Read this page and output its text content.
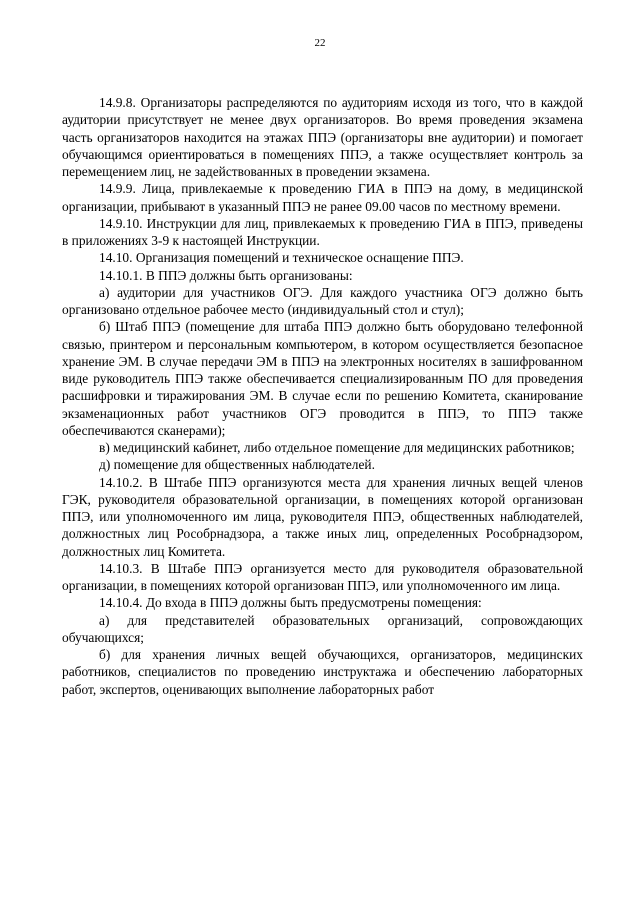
22

14.9.8. Организаторы распределяются по аудиториям исходя из того, что в каждой аудитории присутствует не менее двух организаторов. Во время проведения экзамена часть организаторов находится на этажах ППЭ (организаторы вне аудитории) и помогает обучающимся ориентироваться в помещениях ППЭ, а также осуществляет контроль за перемещением лиц, не задействованных в проведении экзамена.

14.9.9. Лица, привлекаемые к проведению ГИА в ППЭ на дому, в медицинской организации, прибывают в указанный ППЭ не ранее 09.00 часов по местному времени.

14.9.10. Инструкции для лиц, привлекаемых к проведению ГИА в ППЭ, приведены в приложениях 3-9 к настоящей Инструкции.

14.10. Организация помещений и техническое оснащение ППЭ.

14.10.1. В ППЭ должны быть организованы:

а) аудитории для участников ОГЭ. Для каждого участника ОГЭ должно быть организовано отдельное рабочее место (индивидуальный стол и стул);

б) Штаб ППЭ (помещение для штаба ППЭ должно быть оборудовано телефонной связью, принтером и персональным компьютером, в котором осуществляется безопасное хранение ЭМ. В случае передачи ЭМ в ППЭ на электронных носителях в зашифрованном виде руководитель ППЭ также обеспечивается специализированным ПО для проведения расшифровки и тиражирования ЭМ. В случае если по решению Комитета, сканирование экзаменационных работ участников ОГЭ проводится в ППЭ, то ППЭ также обеспечиваются сканерами);

в) медицинский кабинет, либо отдельное помещение для медицинских работников;

д) помещение для общественных наблюдателей.

14.10.2. В Штабе ППЭ организуются места для хранения личных вещей членов ГЭК, руководителя образовательной организации, в помещениях которой организован ППЭ, или уполномоченного им лица, руководителя ППЭ, общественных наблюдателей, должностных лиц Рособрнадзора, а также иных лиц, определенных Рособрнадзором, должностных лиц Комитета.

14.10.3. В Штабе ППЭ организуется место для руководителя образовательной организации, в помещениях которой организован ППЭ, или уполномоченного им лица.

14.10.4. До входа в ППЭ должны быть предусмотрены помещения:

а) для представителей образовательных организаций, сопровождающих обучающихся;

б) для хранения личных вещей обучающихся, организаторов, медицинских работников, специалистов по проведению инструктажа и обеспечению лабораторных работ, экспертов, оценивающих выполнение лабораторных работ
